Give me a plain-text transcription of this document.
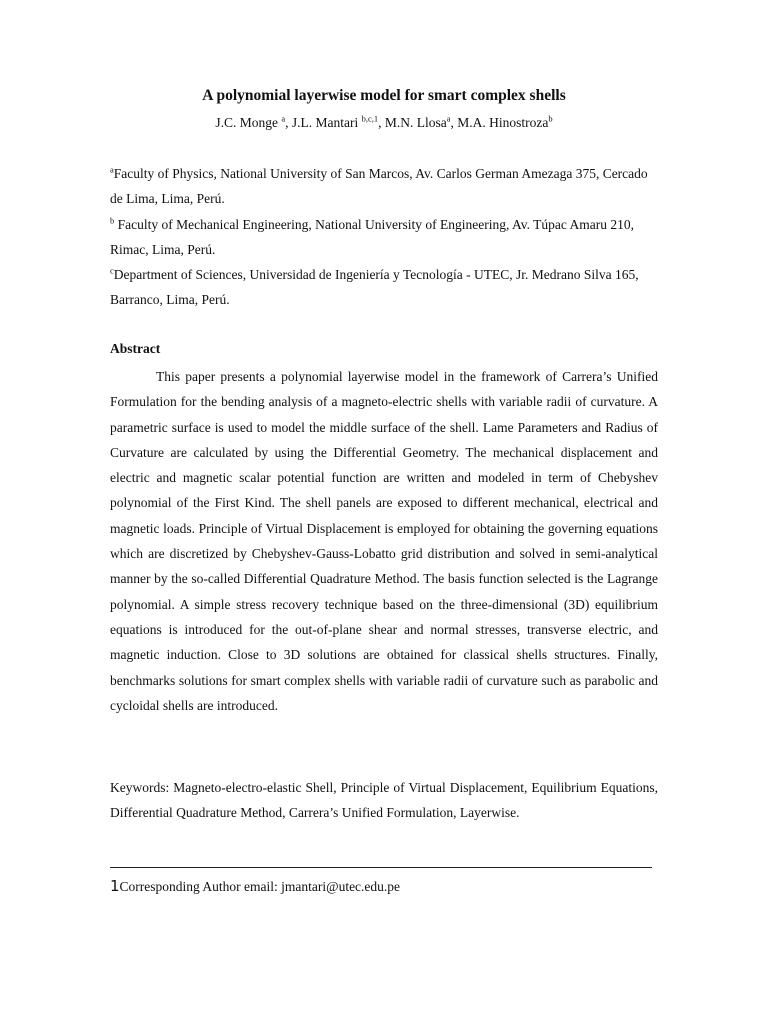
A polynomial layerwise model for smart complex shells
J.C. Monge $^a$, J.L. Mantari $^{b,c,1}$, M.N. Llosa$^a$, M.A. Hinostroza$^b$

$^a$Faculty of Physics, National University of San Marcos, Av. Carlos German Amezaga 375, Cercado de Lima, Lima, Perú.

$^b$ Faculty of Mechanical Engineering, National University of Engineering, Av. Túpac Amaru 210, Rimac, Lima, Perú.

$^c$Department of Sciences, Universidad de Ingeniería y Tecnología - UTEC, Jr. Medrano Silva 165, Barranco, Lima, Perú.

Abstract

This paper presents a polynomial layerwise model in the framework of Carrera’s Unified Formulation for the bending analysis of a magneto-electric shells with variable radii of curvature. A parametric surface is used to model the middle surface of the shell. Lame Parameters and Radius of Curvature are calculated by using the Differential Geometry. The mechanical displacement and electric and magnetic scalar potential function are written and modeled in term of Chebyshev polynomial of the First Kind. The shell panels are exposed to different mechanical, electrical and magnetic loads. Principle of Virtual Displacement is employed for obtaining the governing equations which are discretized by Chebyshev-Gauss-Lobatto grid distribution and solved in semi-analytical manner by the so-called Differential Quadrature Method. The basis function selected is the Lagrange polynomial. A simple stress recovery technique based on the three-dimensional (3D) equilibrium equations is introduced for the out-of-plane shear and normal stresses, transverse electric, and magnetic induction. Close to 3D solutions are obtained for classical shells structures. Finally, benchmarks solutions for smart complex shells with variable radii of curvature such as parabolic and cycloidal shells are introduced.

Keywords: Magneto-electro-elastic Shell, Principle of Virtual Displacement, Equilibrium Equations, Differential Quadrature Method, Carrera’s Unified Formulation, Layerwise.

1Corresponding Author email: jmantari@utec.edu.pe
